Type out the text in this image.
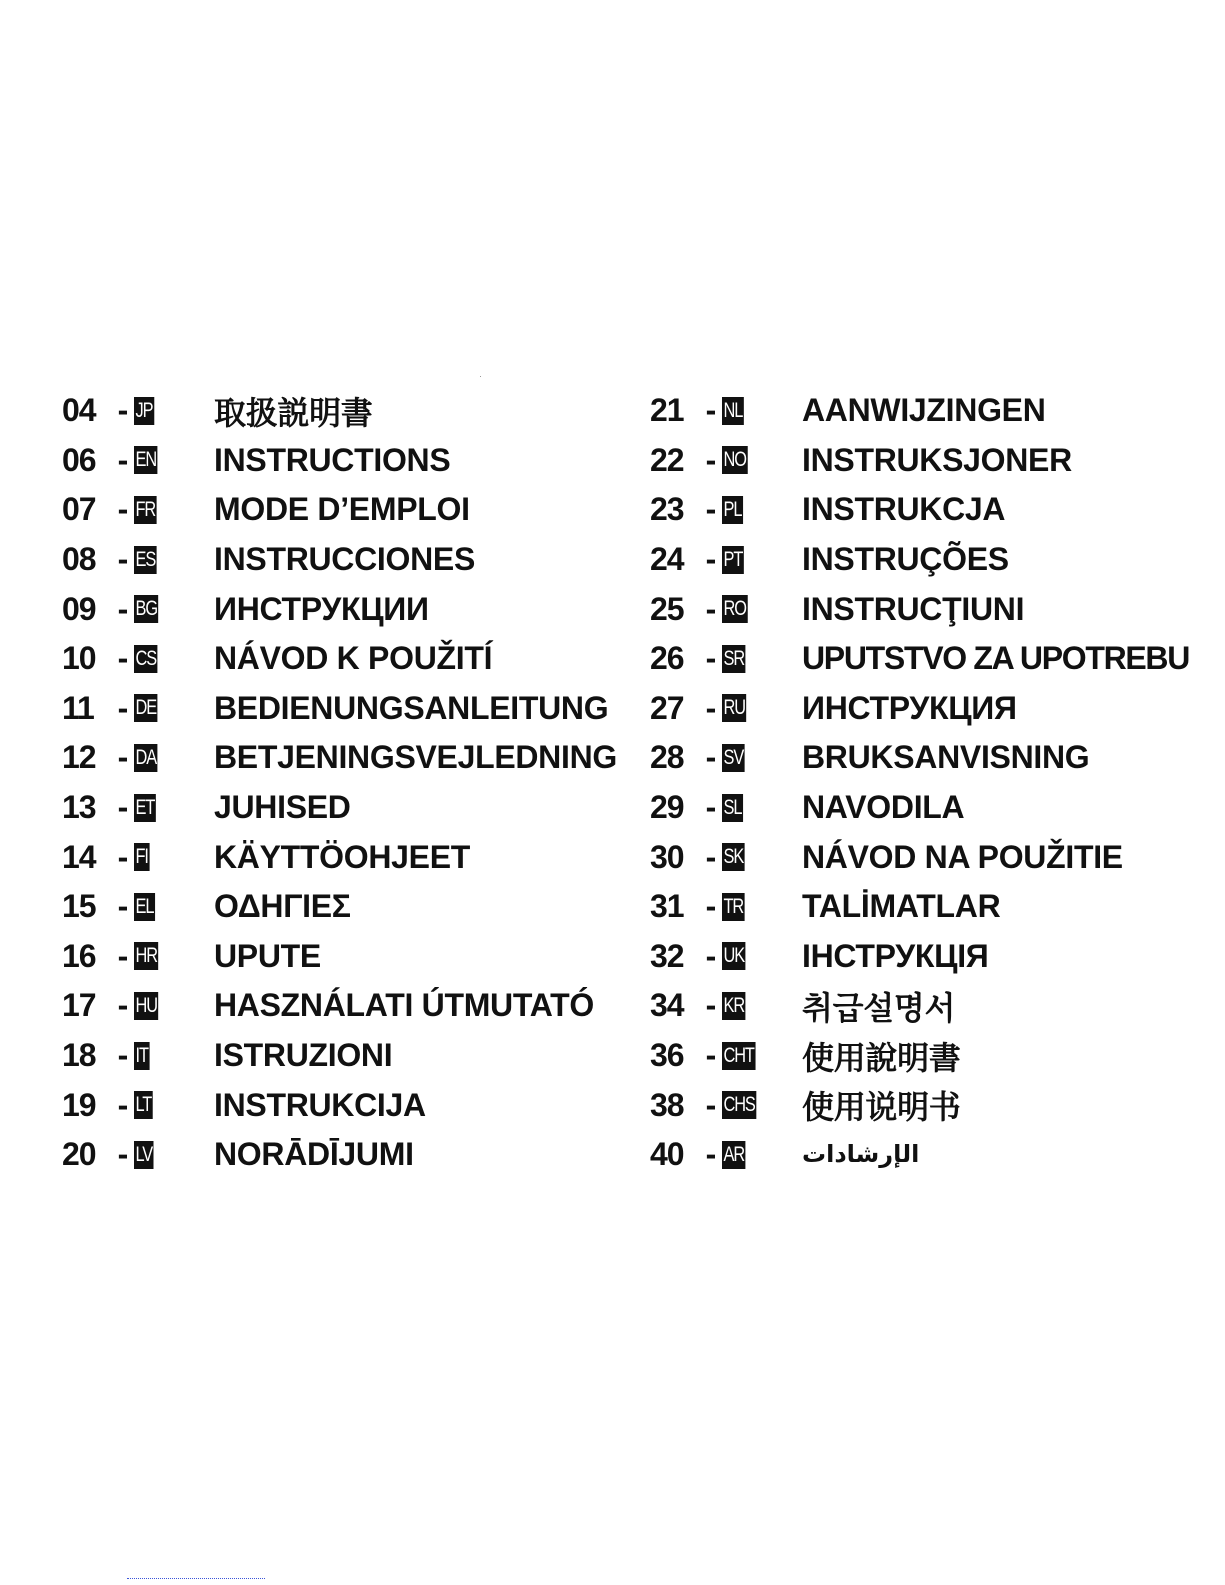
04 - JP 取扱説明書
06 - EN INSTRUCTIONS
07 - FR MODE D’EMPLOI
08 - ES INSTRUCCIONES
09 - BG ИНСТРУКЦИИ
10 - CS NÁVOD K POUŽITÍ
11 - DE BEDIENUNGSANLEITUNG
12 - DA BETJENINGSVEJLEDNING
13 - ET JUHISED
14 - FI KÄYTTÖOHJEET
15 - EL ΟΔΗΓΙΕΣ
16 - HR UPUTE
17 - HU HASZNÁLATI ÚTMUTATÓ
18 - IT ISTRUZIONI
19 - LT INSTRUKCIJA
20 - LV NORĀDĪJUMI
21 - NL AANWIJZINGEN
22 - NO INSTRUKSJONER
23 - PL INSTRUKCJA
24 - PT INSTRUÇÕES
25 - RO INSTRUCŢIUNI
26 - SR UPUTSTVO ZA UPOTREBU
27 - RU ИНСТРУКЦИЯ
28 - SV BRUKSANVISNING
29 - SL NAVODILA
30 - SK NÁVOD NA POUŽITIE
31 - TR TALİMATLAR
32 - UK ІНСТРУКЦІЯ
34 - KR 취급설명서
36 - CHT 使用說明書
38 - CHS 使用说明书
40 - AR الإرشادات
